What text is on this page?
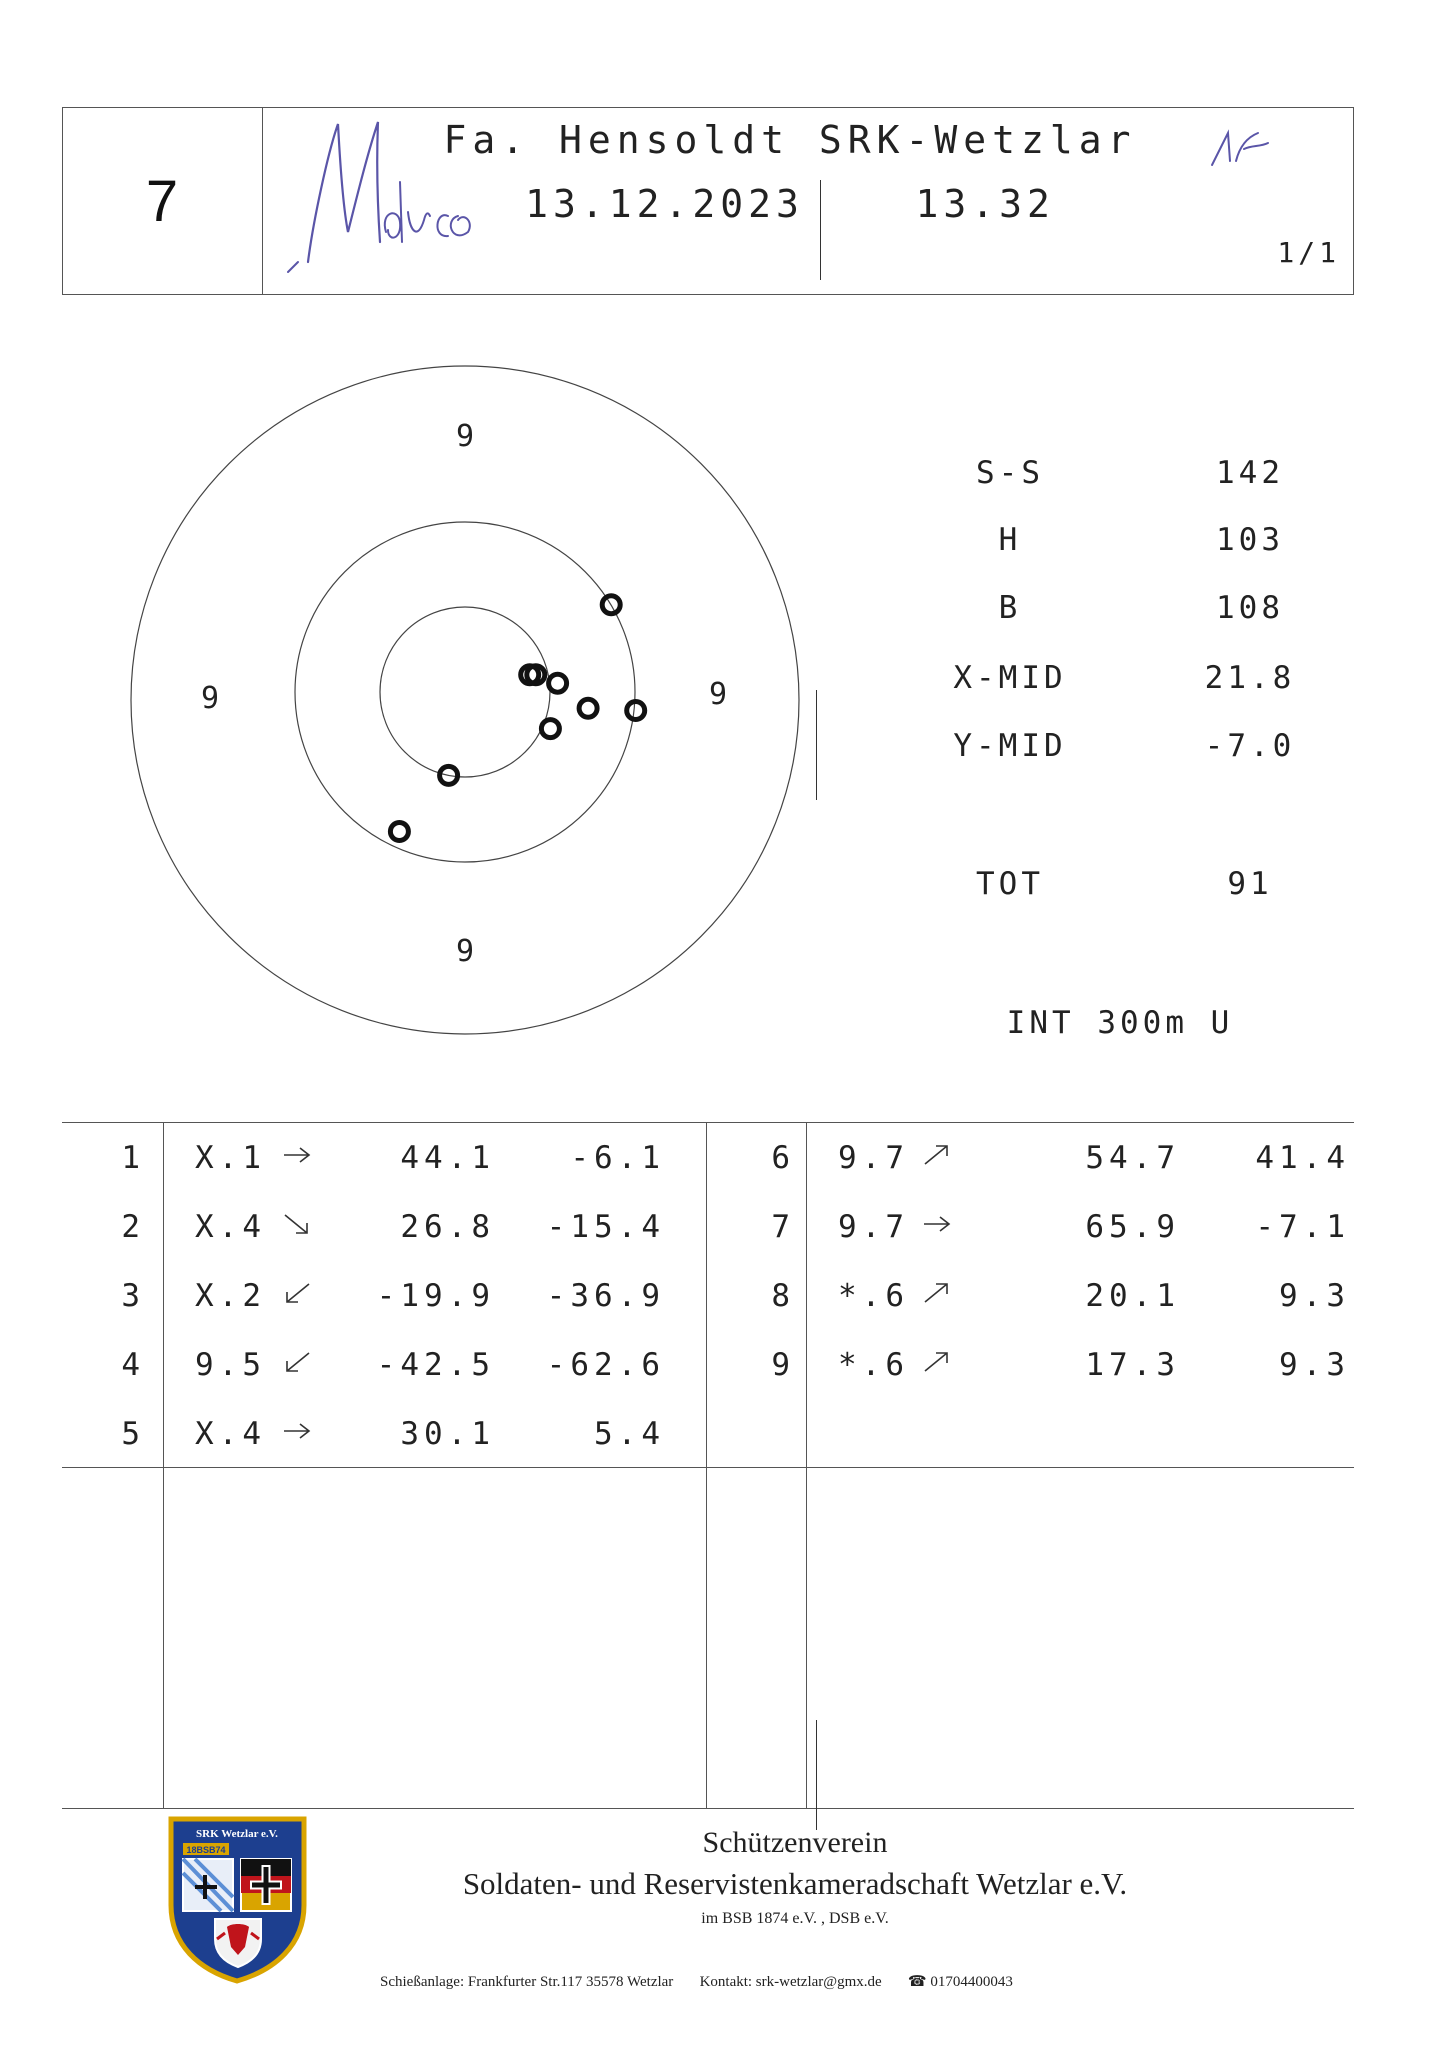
7
Fa. Hensoldt SRK-Wetzlar
13.12.2023	13.32
1/1
9
9	9
9
S-S	142
H	103
B	108
X-MID	21.8
Y-MID	-7.0
TOT	91
INT 300m U
1 X.1	44.1	-6.1
2 X.4	26.8	-15.4
3 X.2	-19.9	-36.9
4 9.5	-42.5	-62.6
5 X.4	30.1	5.4
6 9.7	54.7	41.4
7 9.7	65.9	-7.1
8 *.6	20.1	9.3
9 *.6	17.3	9.3
SRK Wetzlar e.V.
18BSB74	Schützenverein
Soldaten- und Reservistenkameradschaft Wetzlar e.V.
im BSB 1874 e.V. , DSB e.V.
Schießanlage: Frankfurter Str.117 35578 Wetzlar Kontakt: srk-wetzlar@gmx.de ☎ 01704400043
